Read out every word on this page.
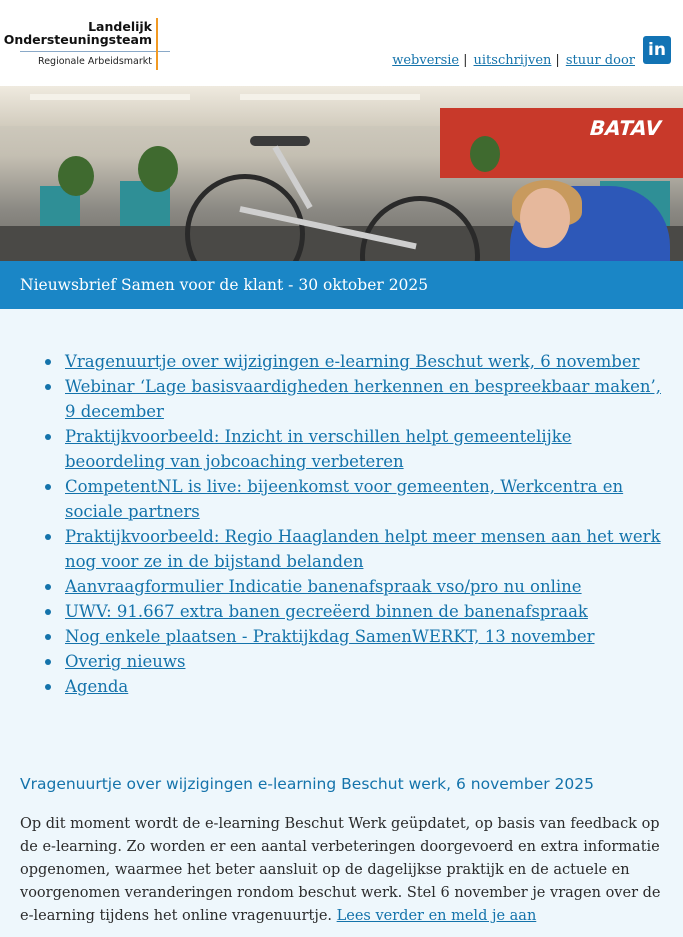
Landelijk
Ondersteuningsteam
Regionale Arbeidsmarkt	webversie | uitschrijven | stuur door
in
BATAV
Nieuwsbrief Samen voor de klant - 30 oktober 2025
Vragenuurtje over wijzigingen e-learning Beschut werk, 6 november
Webinar ‘Lage basisvaardigheden herkennen en bespreekbaar maken’, 9 december
Praktijkvoorbeeld: Inzicht in verschillen helpt gemeentelijke beoordeling van jobcoaching verbeteren
CompetentNL is live: bijeenkomst voor gemeenten, Werkcentra en sociale partners
Praktijkvoorbeeld: Regio Haaglanden helpt meer mensen aan het werk nog voor ze in de bijstand belanden
Aanvraagformulier Indicatie banenafspraak vso/pro nu online
UWV: 91.667 extra banen gecreëerd binnen de banenafspraak
Nog enkele plaatsen - Praktijkdag SamenWERKT, 13 november
Overig nieuws
Agenda
Vragenuurtje over wijzigingen e-learning Beschut werk, 6 november 2025

Op dit moment wordt de e-learning Beschut Werk geüpdatet, op basis van feedback op de e-learning. Zo worden er een aantal verbeteringen doorgevoerd en extra informatie opgenomen, waarmee het beter aansluit op de dagelijkse praktijk en de actuele en voorgenomen veranderingen rondom beschut werk. Stel 6 november je vragen over de e-learning tijdens het online vragenuurtje. Lees verder en meld je aan
